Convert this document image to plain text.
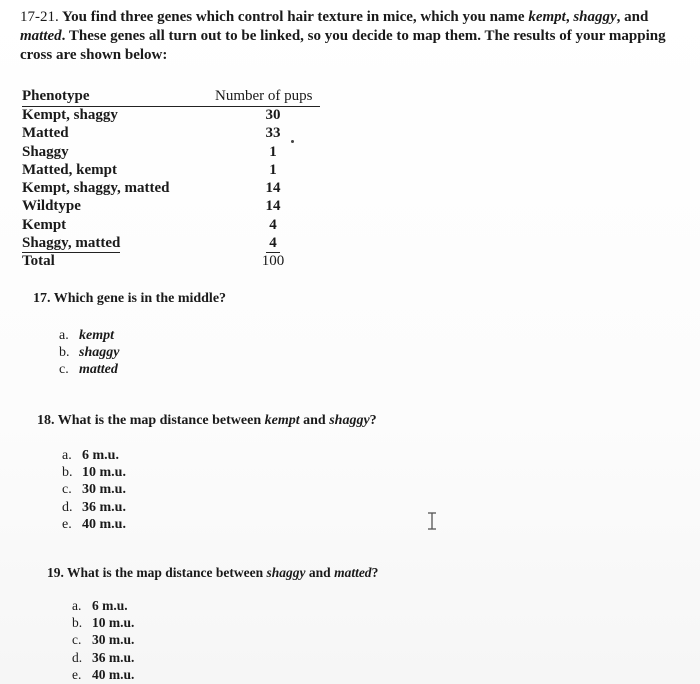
17-21. You find three genes which control hair texture in mice, which you name kempt, shaggy, and
matted. These genes all turn out to be linked, so you decide to map them. The results of your mapping cross are shown below:
Phenotype	Number of pups
Kempt, shaggy	30
Matted	33
Shaggy	1
Matted, kempt	1
Kempt, shaggy, matted	14
Wildtype	14
Kempt	4
Shaggy, matted	4
Total	100
17. Which gene is in the middle?
a. kempt
b. shaggy
c. matted
18. What is the map distance between kempt and shaggy?
a. 6 m.u.
b. 10 m.u.
c. 30 m.u.
d. 36 m.u.
e. 40 m.u.
19. What is the map distance between shaggy and matted?
a. 6 m.u.
b. 10 m.u.
c. 30 m.u.
d. 36 m.u.
e. 40 m.u.
